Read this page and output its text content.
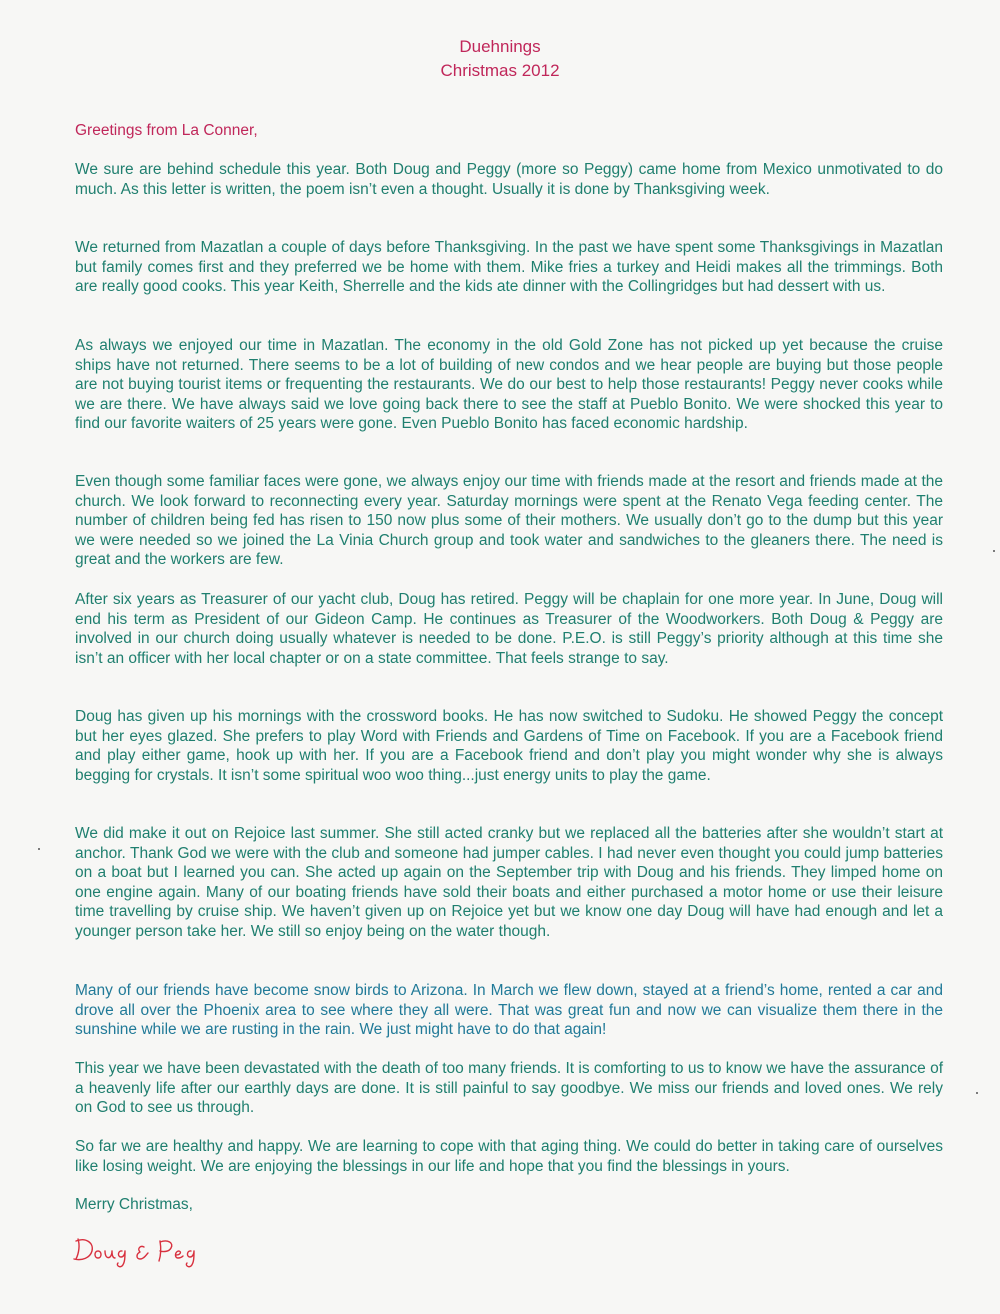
Duehnings
Christmas 2012
Greetings from La Conner,

We sure are behind schedule this year. Both Doug and Peggy (more so Peggy) came home from Mexico unmotivated to do much. As this letter is written, the poem isn’t even a thought. Usually it is done by Thanksgiving week.

We returned from Mazatlan a couple of days before Thanksgiving. In the past we have spent some Thanksgivings in Mazatlan but family comes first and they preferred we be home with them. Mike fries a turkey and Heidi makes all the trimmings. Both are really good cooks. This year Keith, Sherrelle and the kids ate dinner with the Collingridges but had dessert with us.

As always we enjoyed our time in Mazatlan. The economy in the old Gold Zone has not picked up yet because the cruise ships have not returned. There seems to be a lot of building of new condos and we hear people are buying but those people are not buying tourist items or frequenting the restaurants. We do our best to help those restaurants! Peggy never cooks while we are there. We have always said we love going back there to see the staff at Pueblo Bonito. We were shocked this year to find our favorite waiters of 25 years were gone. Even Pueblo Bonito has faced economic hardship.

Even though some familiar faces were gone, we always enjoy our time with friends made at the resort and friends made at the church. We look forward to reconnecting every year. Saturday mornings were spent at the Renato Vega feeding center. The number of children being fed has risen to 150 now plus some of their mothers. We usually don’t go to the dump but this year we were needed so we joined the La Vinia Church group and took water and sandwiches to the gleaners there. The need is great and the workers are few.

After six years as Treasurer of our yacht club, Doug has retired. Peggy will be chaplain for one more year. In June, Doug will end his term as President of our Gideon Camp. He continues as Treasurer of the Woodworkers. Both Doug & Peggy are involved in our church doing usually whatever is needed to be done. P.E.O. is still Peggy’s priority although at this time she isn’t an officer with her local chapter or on a state committee. That feels strange to say.

Doug has given up his mornings with the crossword books. He has now switched to Sudoku. He showed Peggy the concept but her eyes glazed. She prefers to play Word with Friends and Gardens of Time on Facebook. If you are a Facebook friend and play either game, hook up with her. If you are a Facebook friend and don’t play you might wonder why she is always begging for crystals. It isn’t some spiritual woo woo thing...just energy units to play the game.

We did make it out on Rejoice last summer. She still acted cranky but we replaced all the batteries after she wouldn’t start at anchor. Thank God we were with the club and someone had jumper cables. I had never even thought you could jump batteries on a boat but I learned you can. She acted up again on the September trip with Doug and his friends. They limped home on one engine again. Many of our boating friends have sold their boats and either purchased a motor home or use their leisure time travelling by cruise ship. We haven’t given up on Rejoice yet but we know one day Doug will have had enough and let a younger person take her. We still so enjoy being on the water though.

Many of our friends have become snow birds to Arizona. In March we flew down, stayed at a friend’s home, rented a car and drove all over the Phoenix area to see where they all were. That was great fun and now we can visualize them there in the sunshine while we are rusting in the rain. We just might have to do that again!

This year we have been devastated with the death of too many friends. It is comforting to us to know we have the assurance of a heavenly life after our earthly days are done. It is still painful to say goodbye. We miss our friends and loved ones. We rely on God to see us through.

So far we are healthy and happy. We are learning to cope with that aging thing. We could do better in taking care of ourselves like losing weight. We are enjoying the blessings in our life and hope that you find the blessings in yours.

Merry Christmas,
